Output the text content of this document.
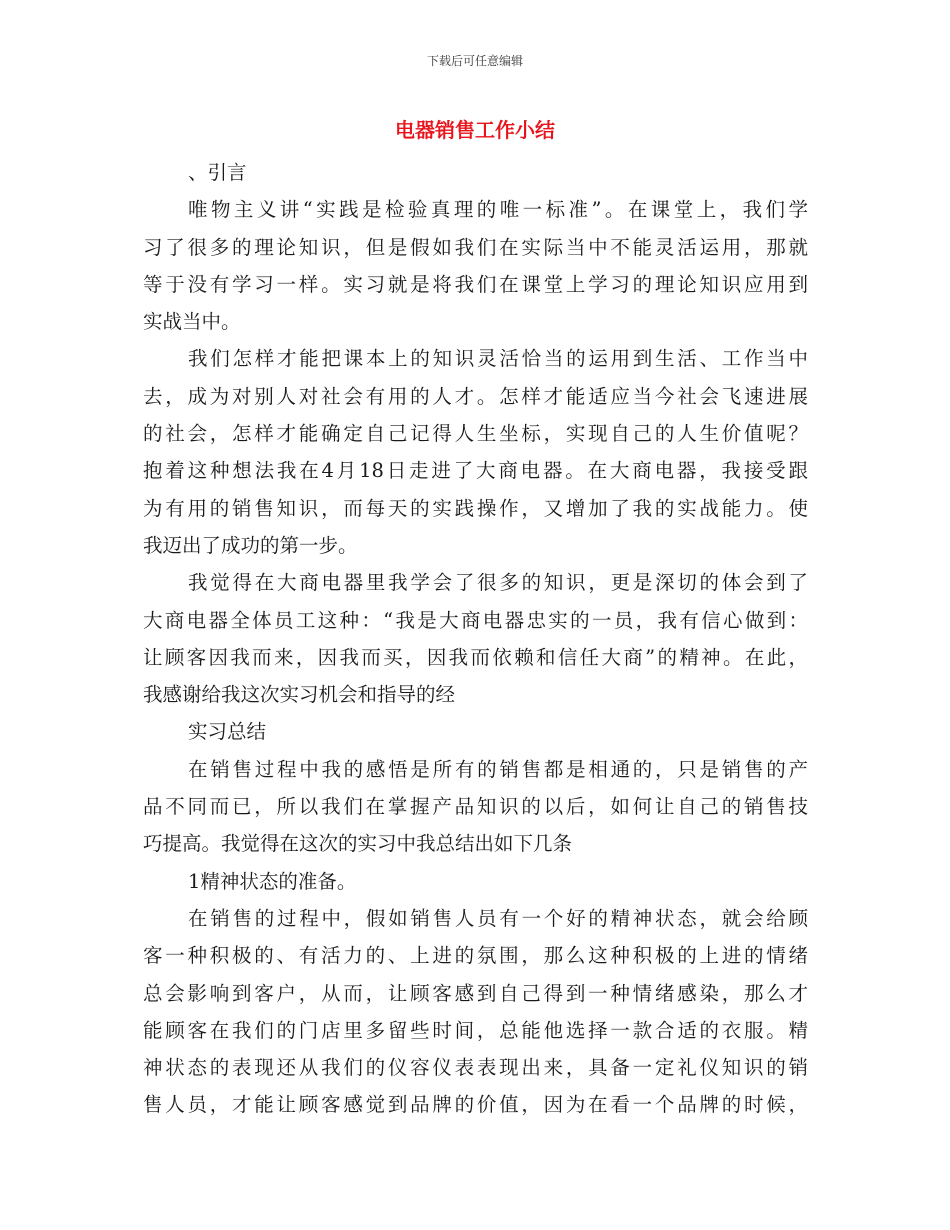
下载后可任意编辑
电器销售工作小结
、引言
唯物主义讲“实践是检验真理的唯一标准”。在课堂上，我们学
习了很多的理论知识，但是假如我们在实际当中不能灵活运用，那就
等于没有学习一样。实习就是将我们在课堂上学习的理论知识应用到
实战当中。
我们怎样才能把课本上的知识灵活恰当的运用到生活、工作当中
去，成为对别人对社会有用的人才。怎样才能适应当今社会飞速进展
的社会，怎样才能确定自己记得人生坐标，实现自己的人生价值呢？
抱着这种想法我在4月18日走进了大商电器。在大商电器，我接受跟
为有用的销售知识，而每天的实践操作，又增加了我的实战能力。使
我迈出了成功的第一步。
我觉得在大商电器里我学会了很多的知识，更是深切的体会到了
大商电器全体员工这种：“我是大商电器忠实的一员，我有信心做到：
让顾客因我而来，因我而买，因我而依赖和信任大商”的精神。在此，
我感谢给我这次实习机会和指导的经
实习总结
在销售过程中我的感悟是所有的销售都是相通的，只是销售的产
品不同而已，所以我们在掌握产品知识的以后，如何让自己的销售技
巧提高。我觉得在这次的实习中我总结出如下几条
1精神状态的准备。
在销售的过程中，假如销售人员有一个好的精神状态，就会给顾
客一种积极的、有活力的、上进的氛围，那么这种积极的上进的情绪
总会影响到客户，从而，让顾客感到自己得到一种情绪感染，那么才
能顾客在我们的门店里多留些时间，总能他选择一款合适的衣服。精
神状态的表现还从我们的仪容仪表表现出来，具备一定礼仪知识的销
售人员，才能让顾客感觉到品牌的价值，因为在看一个品牌的时候，
